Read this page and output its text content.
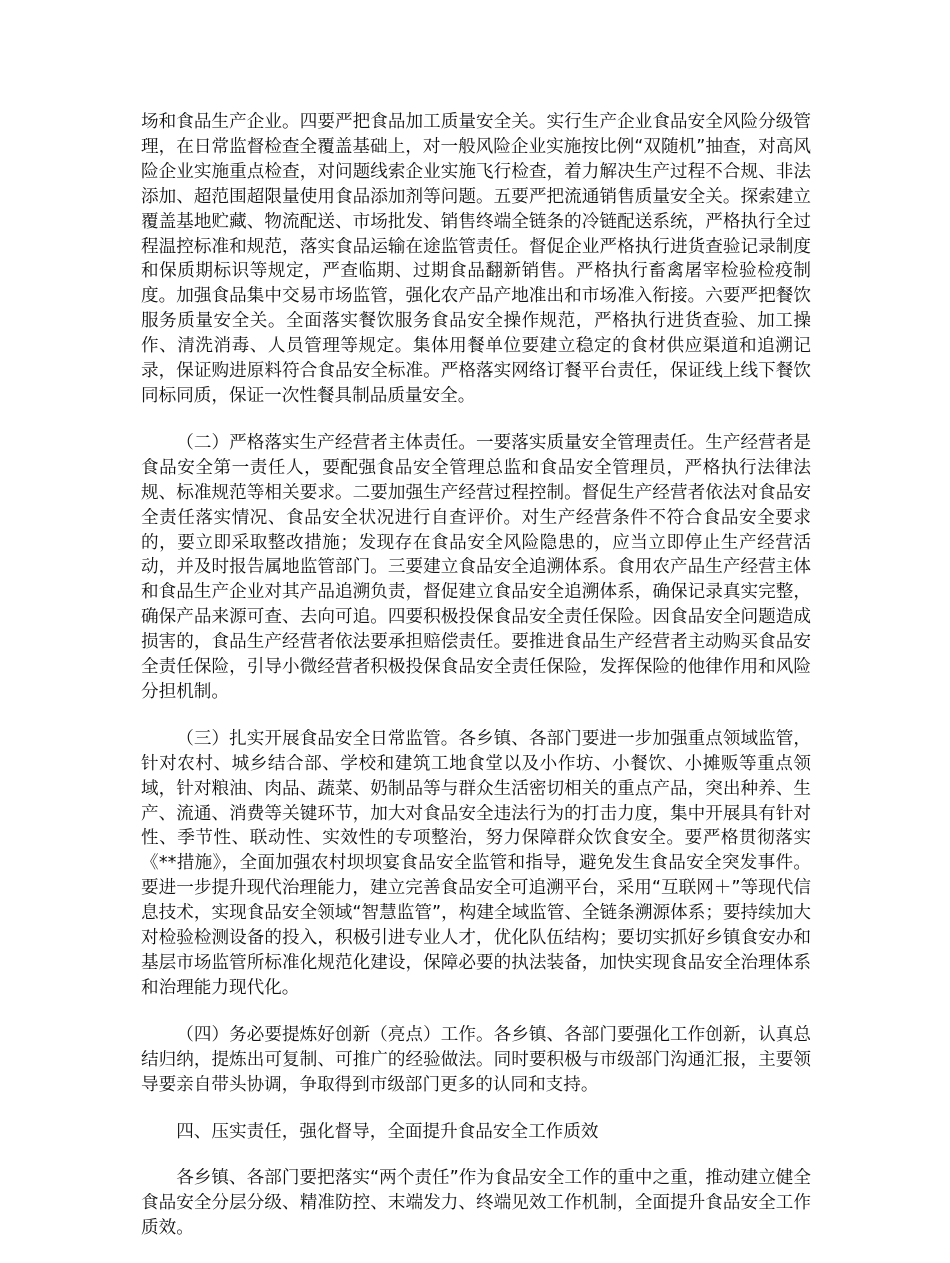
场和食品生产企业。四要严把食品加工质量安全关。实行生产企业食品安全风险分级管理，在日常监督检查全覆盖基础上，对一般风险企业实施按比例“双随机”抽查，对高风险企业实施重点检查，对问题线索企业实施飞行检查，着力解决生产过程不合规、非法添加、超范围超限量使用食品添加剂等问题。五要严把流通销售质量安全关。探索建立覆盖基地贮藏、物流配送、市场批发、销售终端全链条的冷链配送系统，严格执行全过程温控标准和规范，落实食品运输在途监管责任。督促企业严格执行进货查验记录制度和保质期标识等规定，严查临期、过期食品翻新销售。严格执行畜禽屠宰检验检疫制度。加强食品集中交易市场监管，强化农产品产地准出和市场准入衔接。六要严把餐饮服务质量安全关。全面落实餐饮服务食品安全操作规范，严格执行进货查验、加工操作、清洗消毒、人员管理等规定。集体用餐单位要建立稳定的食材供应渠道和追溯记录，保证购进原料符合食品安全标准。严格落实网络订餐平台责任，保证线上线下餐饮同标同质，保证一次性餐具制品质量安全。

（二）严格落实生产经营者主体责任。一要落实质量安全管理责任。生产经营者是食品安全第一责任人，要配强食品安全管理总监和食品安全管理员，严格执行法律法规、标准规范等相关要求。二要加强生产经营过程控制。督促生产经营者依法对食品安全责任落实情况、食品安全状况进行自查评价。对生产经营条件不符合食品安全要求的，要立即采取整改措施；发现存在食品安全风险隐患的，应当立即停止生产经营活动，并及时报告属地监管部门。三要建立食品安全追溯体系。食用农产品生产经营主体和食品生产企业对其产品追溯负责，督促建立食品安全追溯体系，确保记录真实完整，确保产品来源可查、去向可追。四要积极投保食品安全责任保险。因食品安全问题造成损害的，食品生产经营者依法要承担赔偿责任。要推进食品生产经营者主动购买食品安全责任保险，引导小微经营者积极投保食品安全责任保险，发挥保险的他律作用和风险分担机制。

（三）扎实开展食品安全日常监管。各乡镇、各部门要进一步加强重点领域监管，针对农村、城乡结合部、学校和建筑工地食堂以及小作坊、小餐饮、小摊贩等重点领域，针对粮油、肉品、蔬菜、奶制品等与群众生活密切相关的重点产品，突出种养、生产、流通、消费等关键环节，加大对食品安全违法行为的打击力度，集中开展具有针对性、季节性、联动性、实效性的专项整治，努力保障群众饮食安全。要严格贯彻落实《**措施》，全面加强农村坝坝宴食品安全监管和指导，避免发生食品安全突发事件。要进一步提升现代治理能力，建立完善食品安全可追溯平台，采用“互联网＋”等现代信息技术，实现食品安全领域“智慧监管”，构建全域监管、全链条溯源体系；要持续加大对检验检测设备的投入，积极引进专业人才，优化队伍结构；要切实抓好乡镇食安办和基层市场监管所标准化规范化建设，保障必要的执法装备，加快实现食品安全治理体系和治理能力现代化。

（四）务必要提炼好创新（亮点）工作。各乡镇、各部门要强化工作创新，认真总结归纳，提炼出可复制、可推广的经验做法。同时要积极与市级部门沟通汇报，主要领导要亲自带头协调，争取得到市级部门更多的认同和支持。

四、压实责任，强化督导，全面提升食品安全工作质效

各乡镇、各部门要把落实“两个责任”作为食品安全工作的重中之重，推动建立健全食品安全分层分级、精准防控、末端发力、终端见效工作机制，全面提升食品安全工作质效。
